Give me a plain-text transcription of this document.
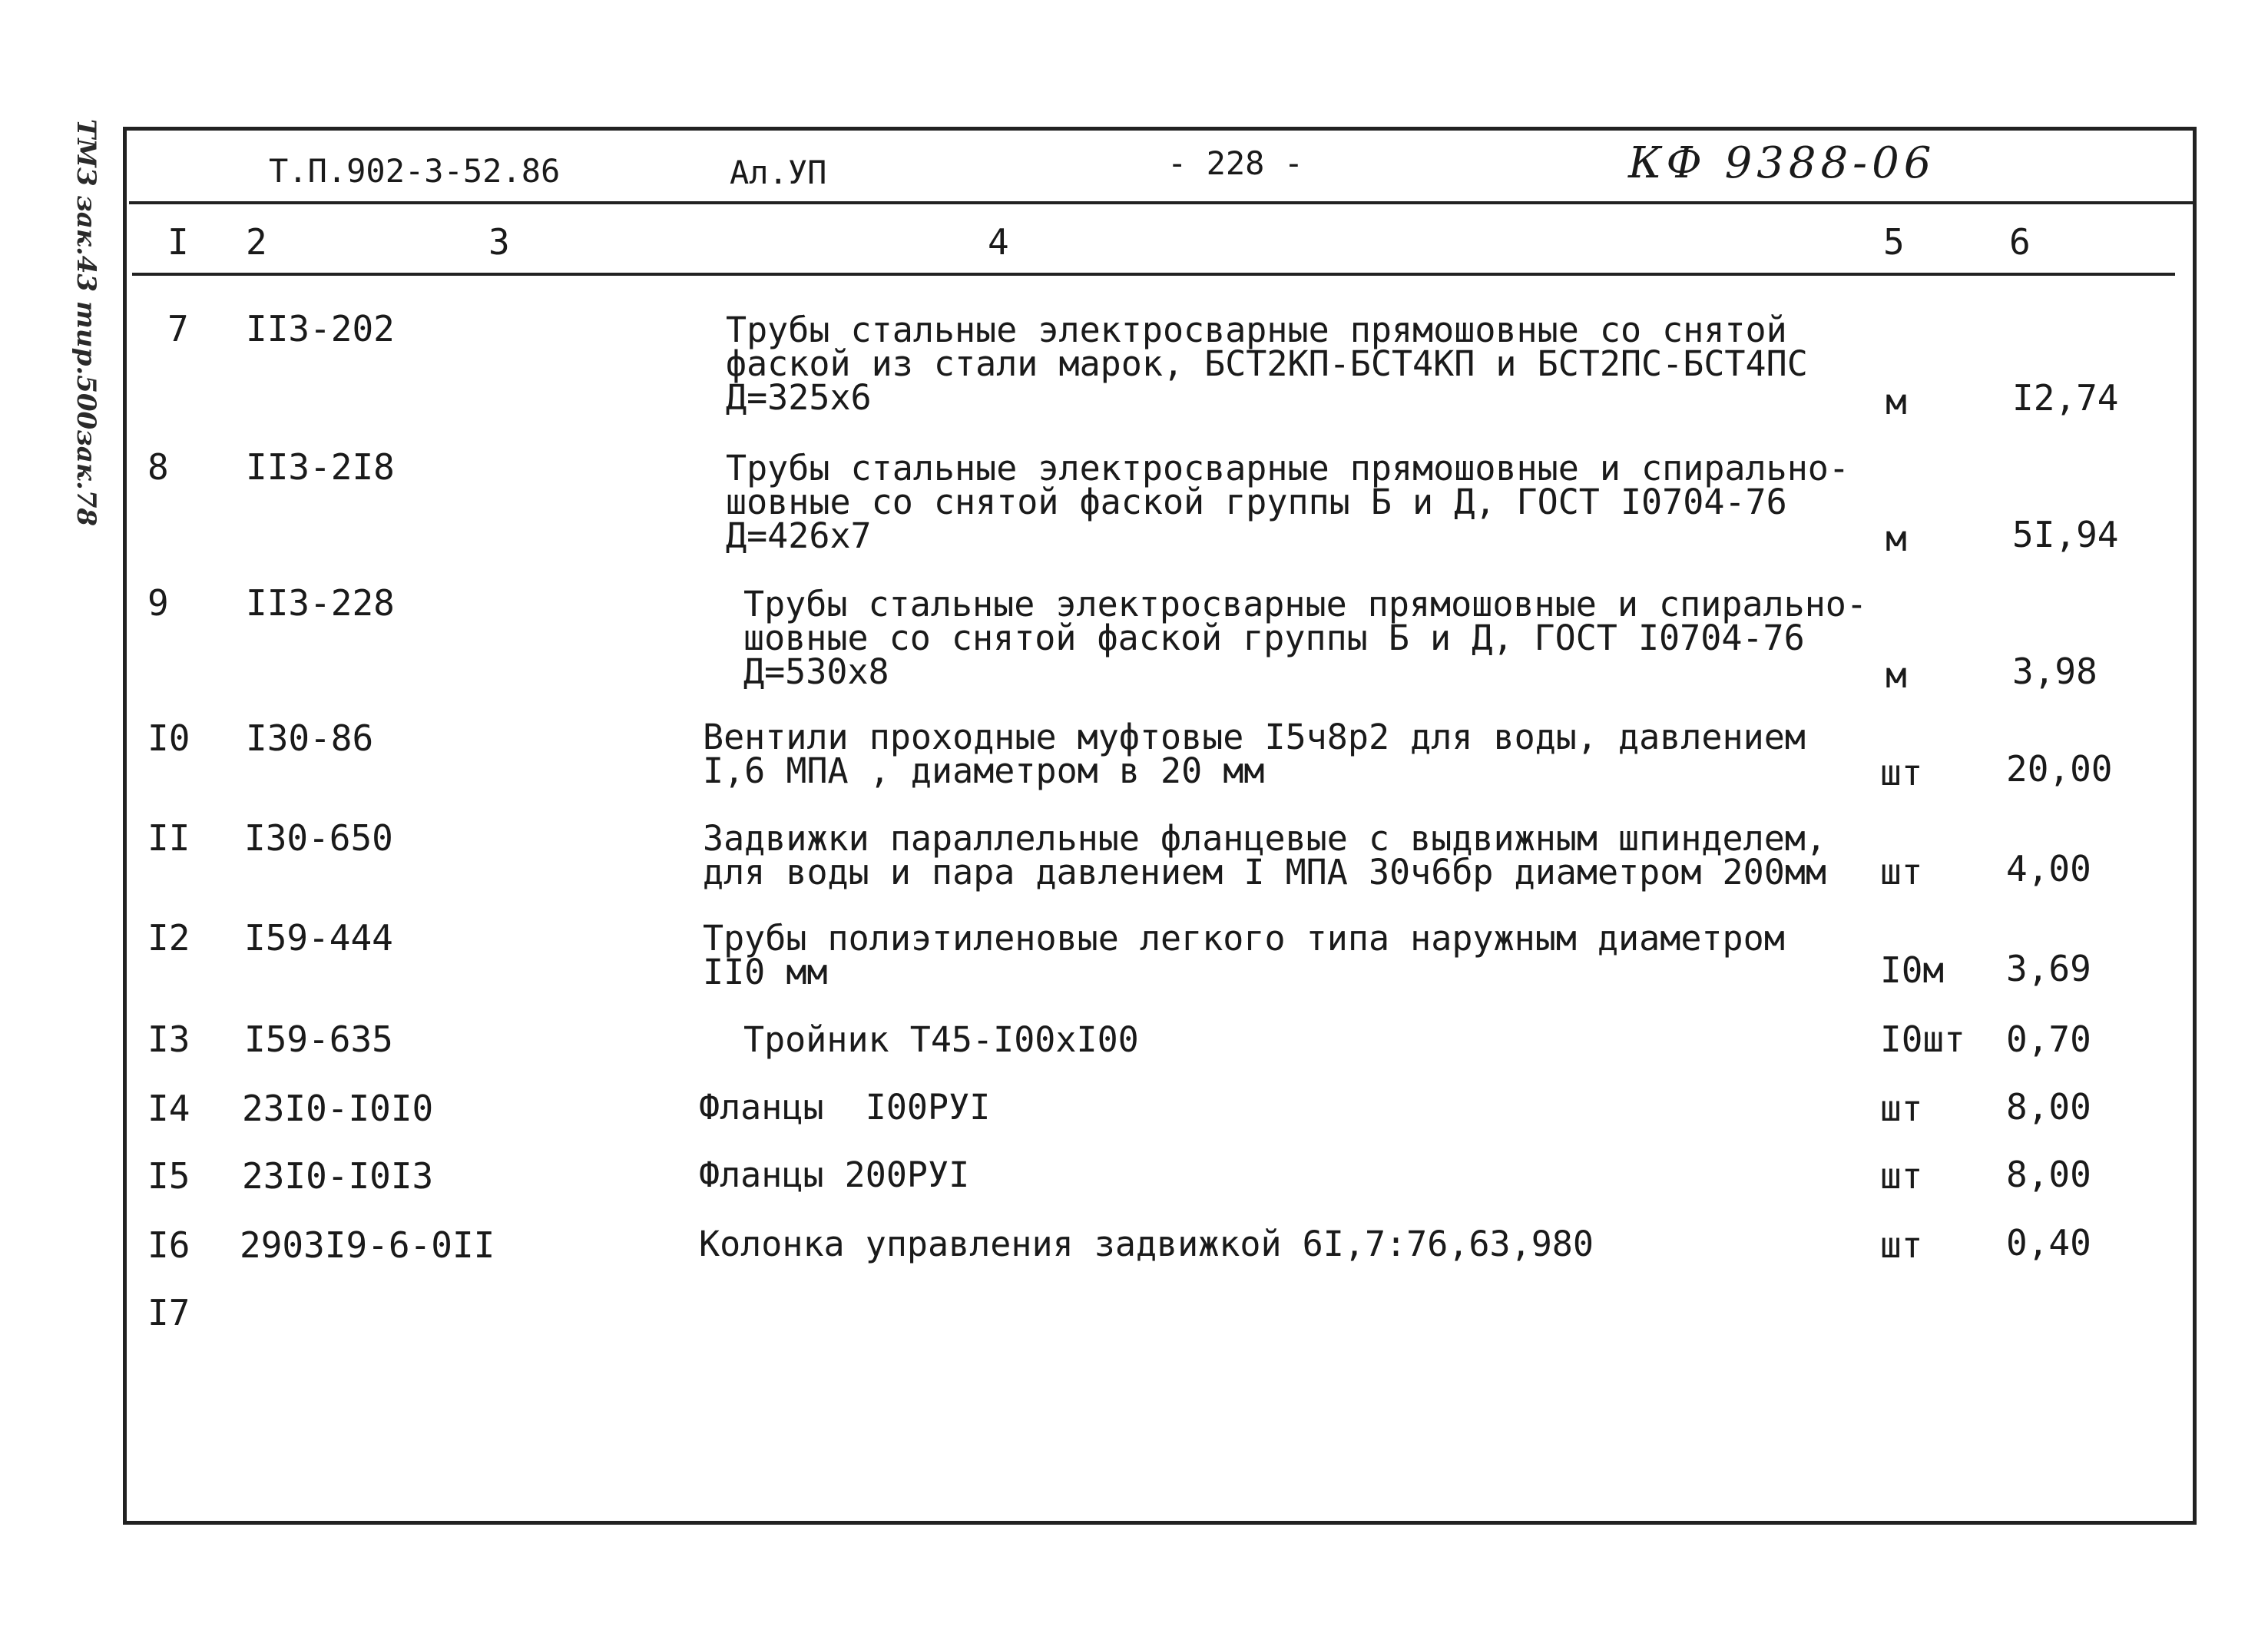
ТМЗ зак.43 тир.500зак.78	Т.П.902-3-52.86	Ал.УП	- 228 -	КФ 9388-06
I 2	3	4	5	6
7 II3-202	Трубы стальные электросварные прямошовные со снятой
фаской из стали марок, БСТ2КП-БСТ4КП и БСТ2ПС-БСТ4ПС
Д=325х6	м	I2,74
8 II3-2I8	Трубы стальные электросварные прямошовные и спирально-
шовные со снятой фаской группы Б и Д, ГОСТ I0704-76
Д=426х7	м	5I,94
9 II3-228	Трубы стальные электросварные прямошовные и спирально-
шовные со снятой фаской группы Б и Д, ГОСТ I0704-76
Д=530х8	м	3,98
I0 I30-86	Вентили проходные муфтовые I5ч8р2 для воды, давлением
I,6 МПА , диаметром в 20 мм	шт 20,00
II I30-650	Задвижки параллельные фланцевые с выдвижным шпинделем,
для воды и пара давлением I МПА 30ч6бр диаметром 200мм шт 4,00
I2 I59-444	Трубы полиэтиленовые легкого типа наружным диаметром
II0 мм	I0м 3,69
I3 I59-635	Тройник Т45-I00хI00	I0шт 0,70
I4 23I0-I0I0	Фланцы  I00РУI	шт 8,00
I5 23I0-I0I3	Фланцы 200РУI	шт 8,00
I6 2903I9-6-0II	Колонка управления задвижкой 6I,7:76,63,980	шт 0,40
I7
